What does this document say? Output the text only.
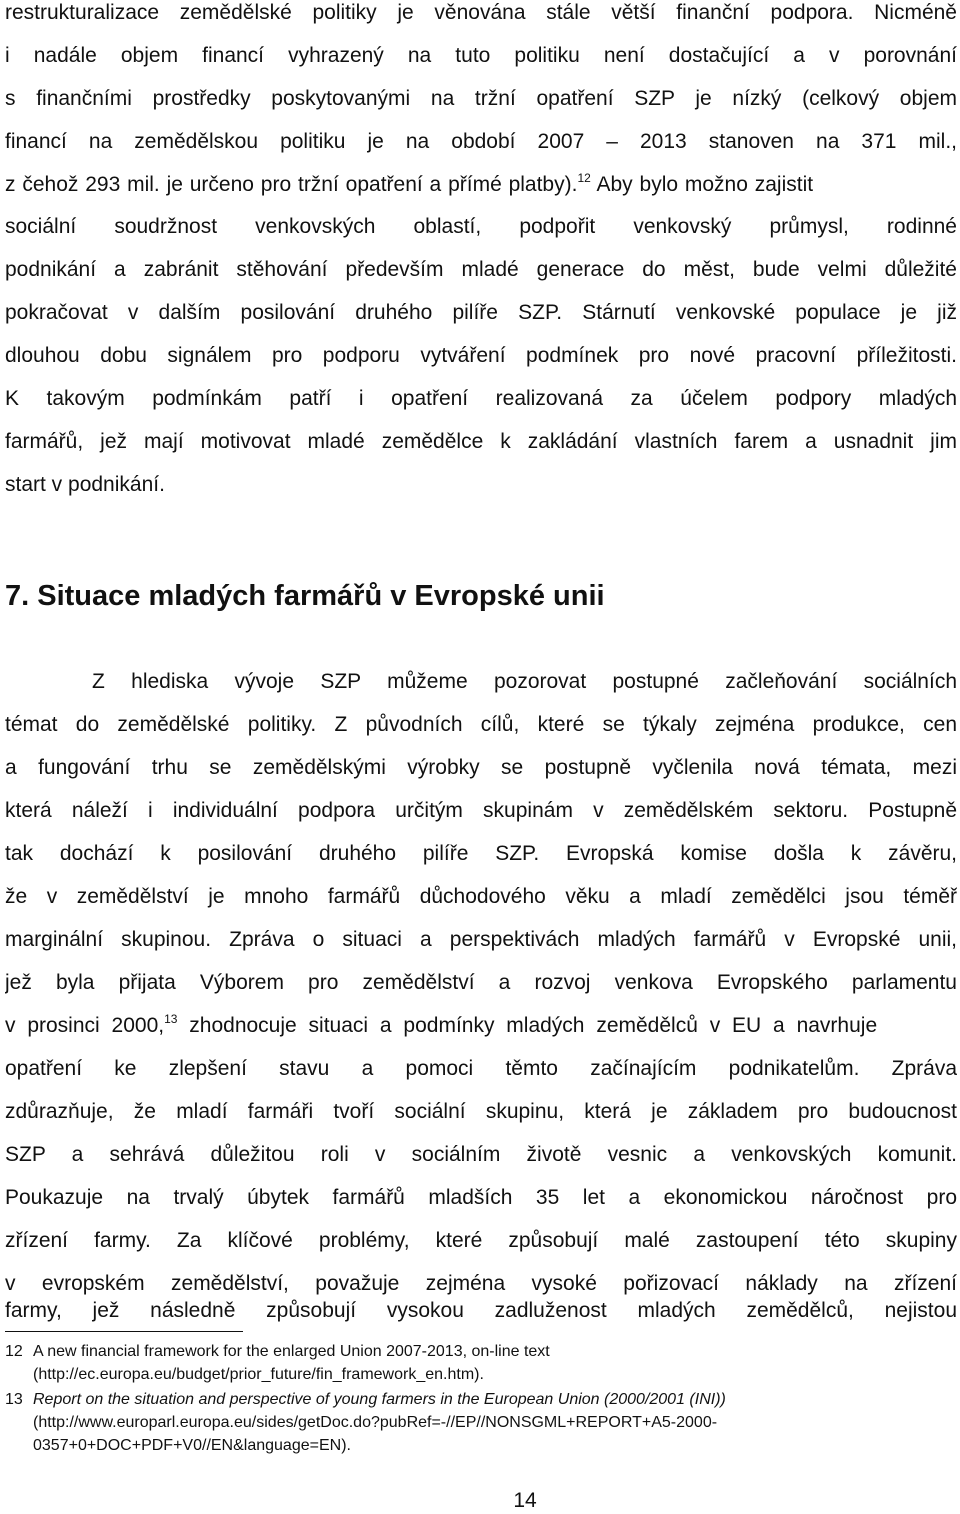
restrukturalizace zemědělské politiky je věnována stále větší finanční podpora. Nicméně
i nadále objem financí vyhrazený na tuto politiku není dostačující a v porovnání
s finančními prostředky poskytovanými na tržní opatření SZP je nízký (celkový objem
financí na zemědělskou politiku je na období 2007 – 2013 stanoven na 371 mil.,
z čehož 293 mil. je určeno pro tržní opatření a přímé platby).$^{12}$ Aby bylo možno zajistit
sociální soudržnost venkovských oblastí, podpořit venkovský průmysl, rodinné
podnikání a zabránit stěhování především mladé generace do měst, bude velmi důležité
pokračovat v dalším posilování druhého pilíře SZP. Stárnutí venkovské populace je již
dlouhou dobu signálem pro podporu vytváření podmínek pro nové pracovní příležitosti.
K takovým podmínkám patří i opatření realizovaná za účelem podpory mladých
farmářů, jež mají motivovat mladé zemědělce k zakládání vlastních farem a usnadnit jim
start v podnikání.
7. Situace mladých farmářů v Evropské unii
Z hlediska vývoje SZP můžeme pozorovat postupné začleňování sociálních
témat do zemědělské politiky. Z původních cílů, které se týkaly zejména produkce, cen
a fungování trhu se zemědělskými výrobky se postupně vyčlenila nová témata, mezi
která náleží i individuální podpora určitým skupinám v zemědělském sektoru. Postupně
tak dochází k posilování druhého pilíře SZP. Evropská komise došla k závěru,
že v zemědělství je mnoho farmářů důchodového věku a mladí zemědělci jsou téměř
marginální skupinou. Zpráva o situaci a perspektivách mladých farmářů v Evropské unii,
jež byla přijata Výborem pro zemědělství a rozvoj venkova Evropského parlamentu
v prosinci 2000,13 zhodnocuje situaci a podmínky mladých zemědělců v EU a navrhuje
opatření ke zlepšení stavu a pomoci těmto začínajícím podnikatelům. Zpráva
zdůrazňuje, že mladí farmáři tvoří sociální skupinu, která je základem pro budoucnost
SZP a sehrává důležitou roli v sociálním životě vesnic a venkovských komunit.
Poukazuje na trvalý úbytek farmářů mladších 35 let a ekonomickou náročnost pro
zřízení farmy. Za klíčové problémy, které způsobují malé zastoupení této skupiny
v evropském zemědělství, považuje zejména vysoké pořizovací náklady na zřízení
farmy, jež následně způsobují vysokou zadluženost mladých zemědělců, nejistou
12 A new financial framework for the enlarged Union 2007-2013, on-line text
(http://ec.europa.eu/budget/prior_future/fin_framework_en.htm).
13 Report on the situation and perspective of young farmers in the European Union (2000/2001 (INI))
(http://www.europarl.europa.eu/sides/getDoc.do?pubRef=-//EP//NONSGML+REPORT+A5-2000-
0357+0+DOC+PDF+V0//EN&language=EN).
14
